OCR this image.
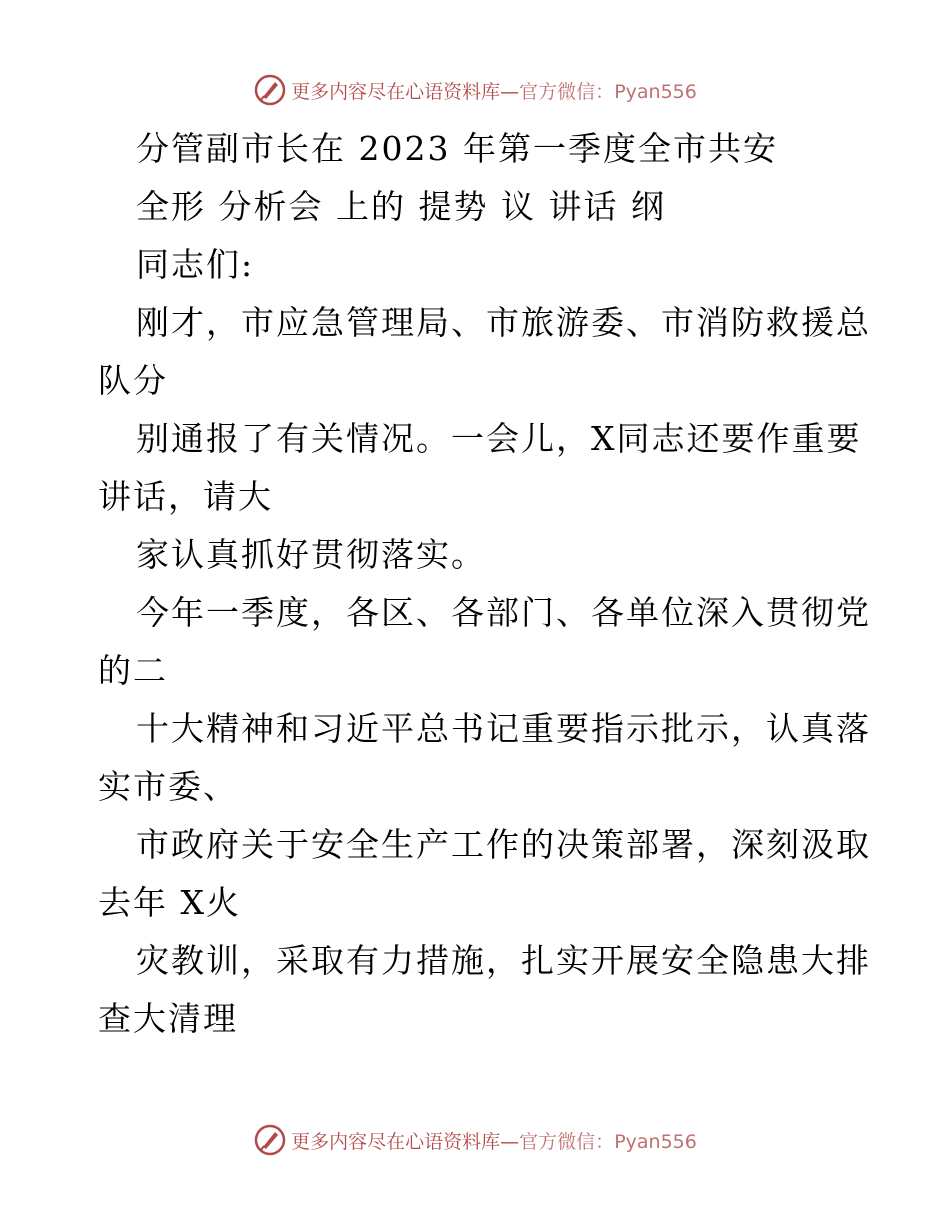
更多内容尽在心语资料库—官方微信：Pyan556
分管副市长在 2023 年第一季度全市共安
全形 分析会 上的 提势 议 讲话 纲
同志们:
刚才，市应急管理局、市旅游委、市消防救援总
队分
别通报了有关情况。一会儿，X同志还要作重要
讲话，请大
家认真抓好贯彻落实。
今年一季度，各区、各部门、各单位深入贯彻党
的二
十大精神和习近平总书记重要指示批示，认真落
实市委、
市政府关于安全生产工作的决策部署，深刻汲取
去年 X火
灾教训，采取有力措施，扎实开展安全隐患大排
查大清理
更多内容尽在心语资料库—官方微信：Pyan556
